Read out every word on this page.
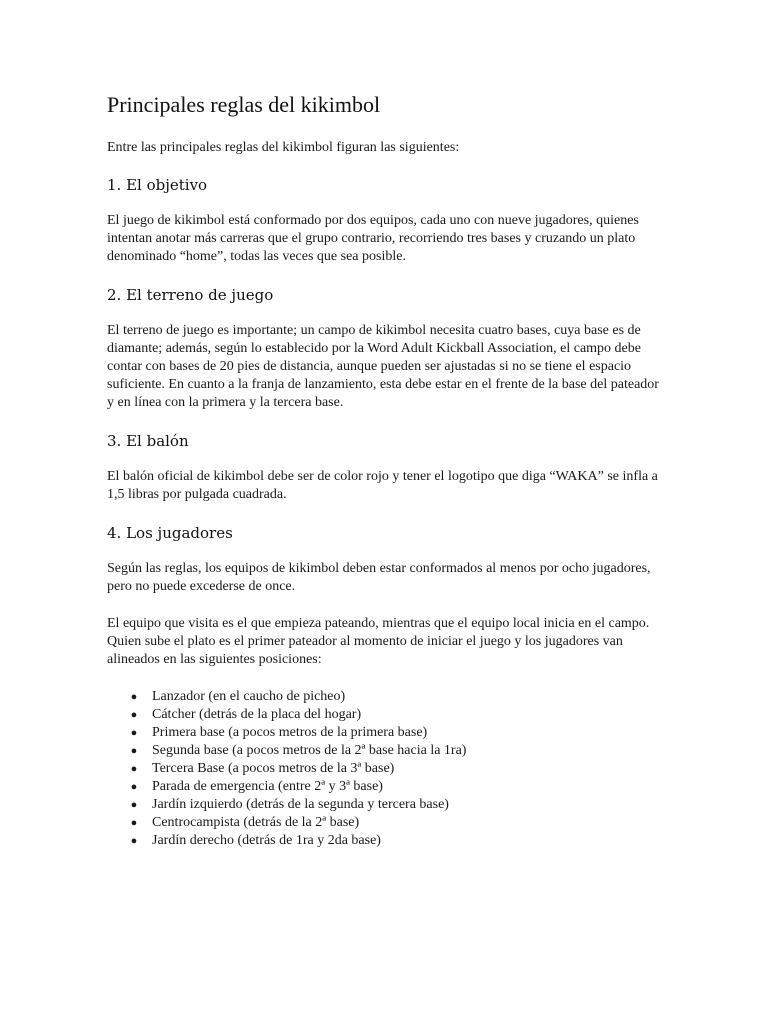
Principales reglas del kikimbol

Entre las principales reglas del kikimbol figuran las siguientes:

1. El objetivo

El juego de kikimbol está conformado por dos equipos, cada uno con nueve jugadores, quienes intentan anotar más carreras que el grupo contrario, recorriendo tres bases y cruzando un plato denominado “home”, todas las veces que sea posible.

2. El terreno de juego

El terreno de juego es importante; un campo de kikimbol necesita cuatro bases, cuya base es de diamante; además, según lo establecido por la Word Adult Kickball Association, el campo debe contar con bases de 20 pies de distancia, aunque pueden ser ajustadas si no se tiene el espacio suficiente. En cuanto a la franja de lanzamiento, esta debe estar en el frente de la base del pateador y en línea con la primera y la tercera base.

3. El balón

El balón oficial de kikimbol debe ser de color rojo y tener el logotipo que diga “WAKA” se infla a 1,5 libras por pulgada cuadrada.

4. Los jugadores

Según las reglas, los equipos de kikimbol deben estar conformados al menos por ocho jugadores, pero no puede excederse de once.

El equipo que visita es el que empieza pateando, mientras que el equipo local inicia en el campo. Quien sube el plato es el primer pateador al momento de iniciar el juego y los jugadores van alineados en las siguientes posiciones:

● Lanzador (en el caucho de picheo)
● Cátcher (detrás de la placa del hogar)
● Primera base (a pocos metros de la primera base)
● Segunda base (a pocos metros de la 2ª base hacia la 1ra)
● Tercera Base (a pocos metros de la 3ª base)
● Parada de emergencia (entre 2ª y 3ª base)
● Jardín izquierdo (detrás de la segunda y tercera base)
● Centrocampista (detrás de la 2ª base)
● Jardín derecho (detrás de 1ra y 2da base)
